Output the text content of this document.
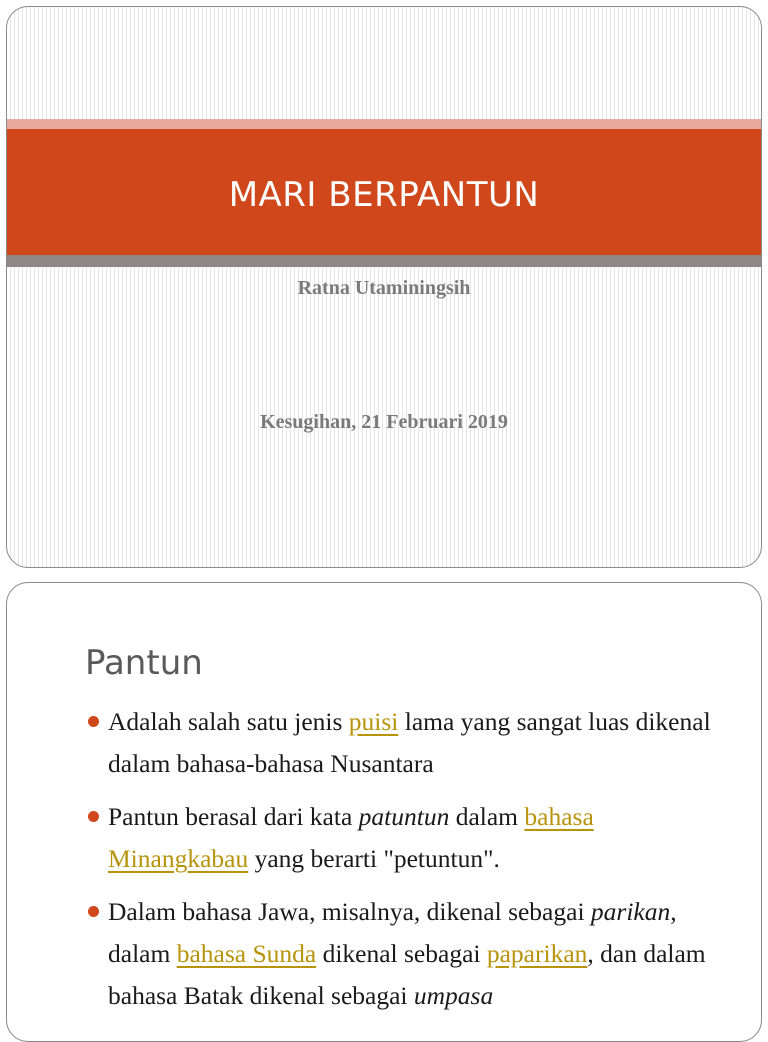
MARI BERPANTUN
Ratna Utaminingsih
Kesugihan, 21 Februari 2019
Pantun
Adalah salah satu jenis puisi lama yang sangat luas dikenal dalam bahasa-bahasa Nusantara
Pantun berasal dari kata patuntun dalam bahasa Minangkabau yang berarti "petuntun".
Dalam bahasa Jawa, misalnya, dikenal sebagai parikan, dalam bahasa Sunda dikenal sebagai paparikan, dan dalam bahasa Batak dikenal sebagai umpasa
